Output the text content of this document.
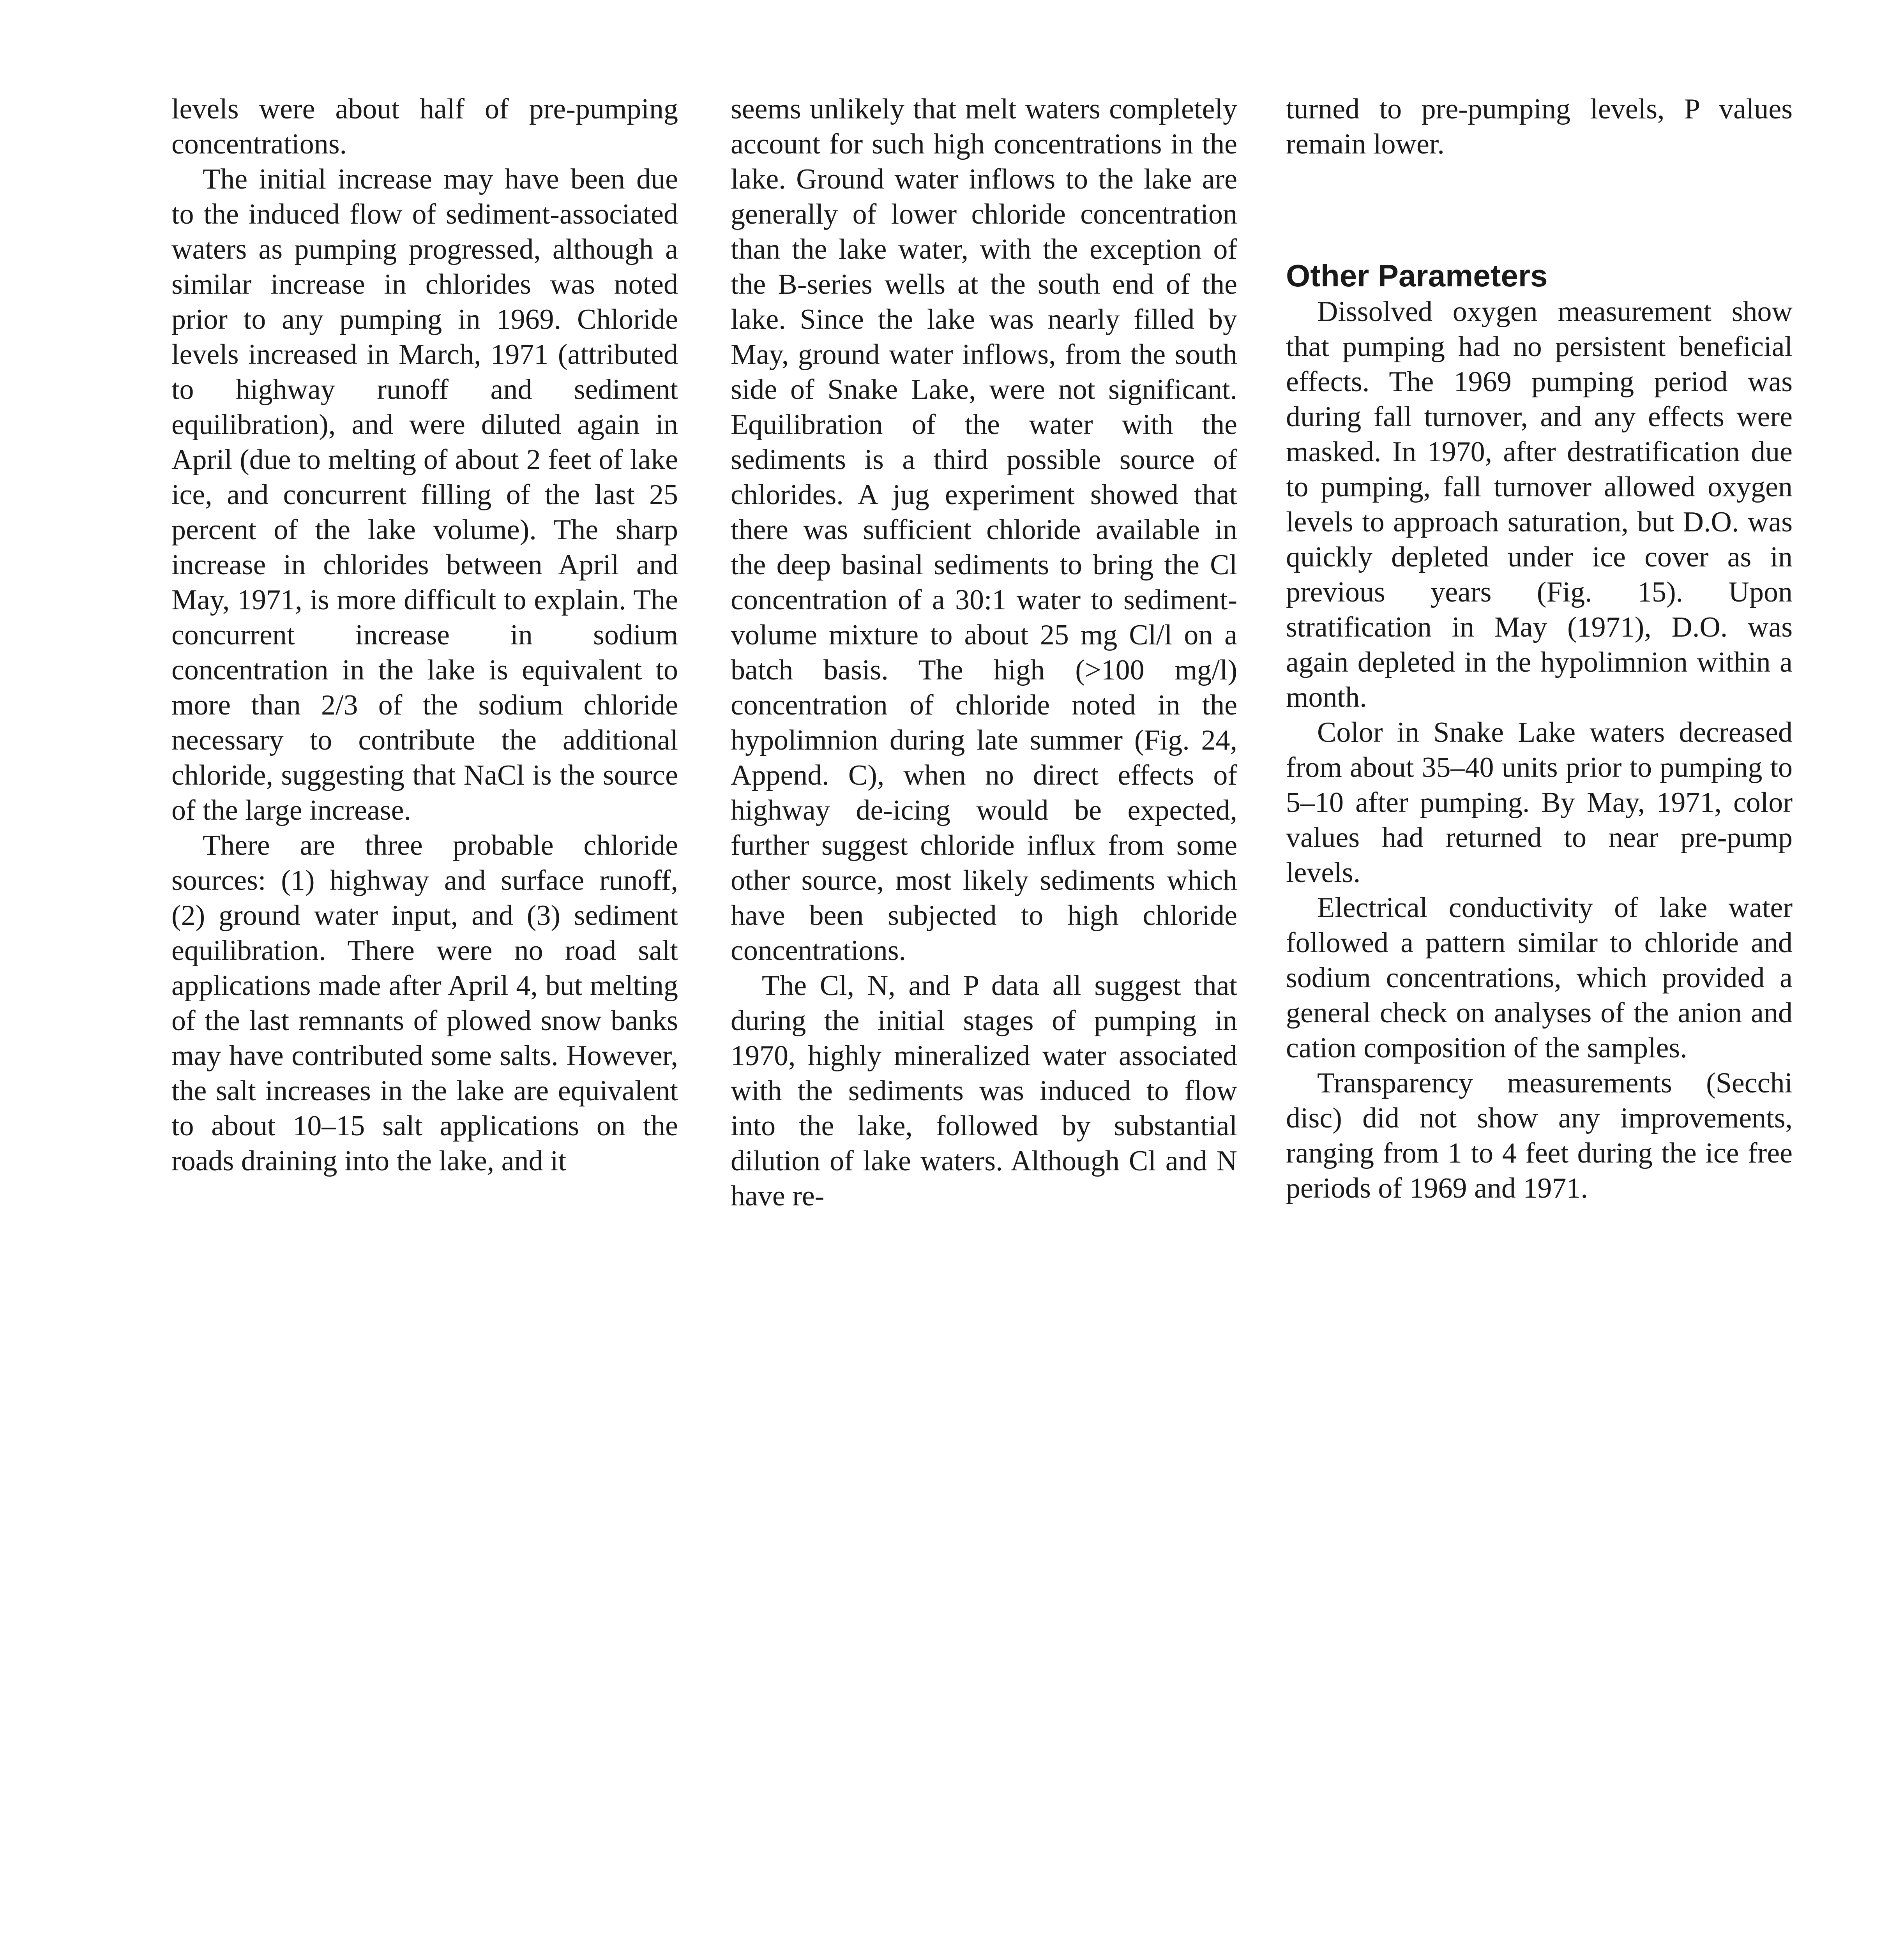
levels were about half of pre-pumping concentrations.

The initial increase may have been due to the induced flow of sediment-associated waters as pumping progressed, although a similar increase in chlorides was noted prior to any pumping in 1969. Chloride levels increased in March, 1971 (attributed to highway runoff and sediment equilibration), and were diluted again in April (due to melting of about 2 feet of lake ice, and concurrent filling of the last 25 percent of the lake volume). The sharp increase in chlorides between April and May, 1971, is more difficult to explain. The concurrent increase in sodium concentration in the lake is equivalent to more than 2/3 of the sodium chloride necessary to contribute the additional chloride, suggesting that NaCl is the source of the large increase.

There are three probable chloride sources: (1) highway and surface runoff, (2) ground water input, and (3) sediment equilibration. There were no road salt applications made after April 4, but melting of the last remnants of plowed snow banks may have contributed some salts. However, the salt increases in the lake are equivalent to about 10–15 salt applications on the roads draining into the lake, and it

seems unlikely that melt waters completely account for such high concentrations in the lake. Ground water inflows to the lake are generally of lower chloride concentration than the lake water, with the exception of the B-series wells at the south end of the lake. Since the lake was nearly filled by May, ground water inflows, from the south side of Snake Lake, were not significant. Equilibration of the water with the sediments is a third possible source of chlorides. A jug experiment showed that there was sufficient chloride available in the deep basinal sediments to bring the Cl concentration of a 30:1 water to sediment-volume mixture to about 25 mg Cl/l on a batch basis. The high (>100 mg/l) concentration of chloride noted in the hypolimnion during late summer (Fig. 24, Append. C), when no direct effects of highway de-icing would be expected, further suggest chloride influx from some other source, most likely sediments which have been subjected to high chloride concentrations.

The Cl, N, and P data all suggest that during the initial stages of pumping in 1970, highly mineralized water associated with the sediments was induced to flow into the lake, followed by substantial dilution of lake waters. Although Cl and N have re-

turned to pre-pumping levels, P values remain lower.

Other Parameters

Dissolved oxygen measurement show that pumping had no persistent beneficial effects. The 1969 pumping period was during fall turnover, and any effects were masked. In 1970, after destratification due to pumping, fall turnover allowed oxygen levels to approach saturation, but D.O. was quickly depleted under ice cover as in previous years (Fig. 15). Upon stratification in May (1971), D.O. was again depleted in the hypolimnion within a month.

Color in Snake Lake waters decreased from about 35–40 units prior to pumping to 5–10 after pumping. By May, 1971, color values had returned to near pre-pump levels.

Electrical conductivity of lake water followed a pattern similar to chloride and sodium concentrations, which provided a general check on analyses of the anion and cation composition of the samples.

Transparency measurements (Secchi disc) did not show any improvements, ranging from 1 to 4 feet during the ice free periods of 1969 and 1971.
